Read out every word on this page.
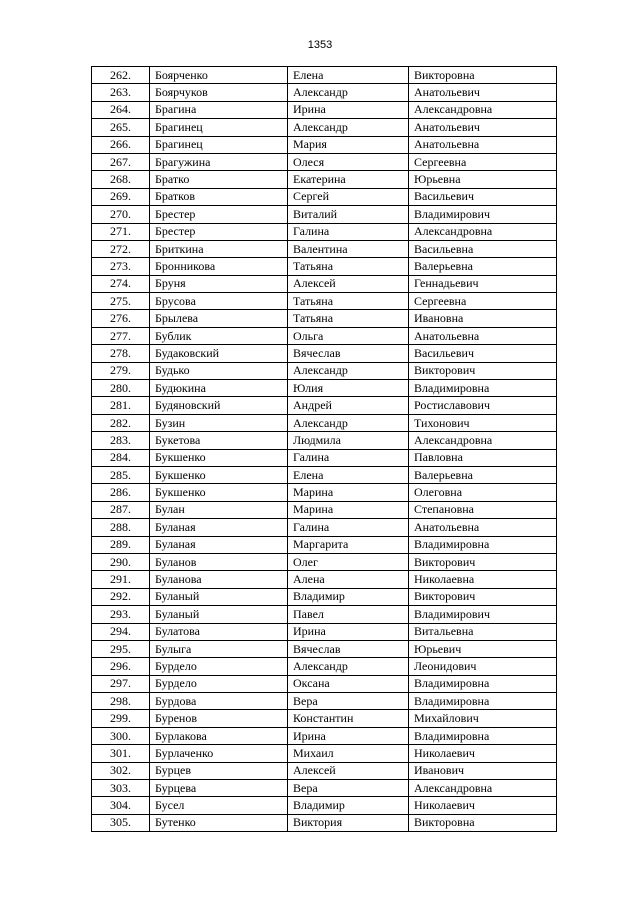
1353
262.	Боярченко	Елена	Викторовна
263.	Боярчуков	Александр	Анатольевич
264.	Брагина	Ирина	Александровна
265.	Брагинец	Александр	Анатольевич
266.	Брагинец	Мария	Анатольевна
267.	Брагужина	Олеся	Сергеевна
268.	Братко	Екатерина	Юрьевна
269.	Братков	Сергей	Васильевич
270.	Брестер	Виталий	Владимирович
271.	Брестер	Галина	Александровна
272.	Бриткина	Валентина	Васильевна
273.	Бронникова	Татьяна	Валерьевна
274.	Бруня	Алексей	Геннадьевич
275.	Брусова	Татьяна	Сергеевна
276.	Брылева	Татьяна	Ивановна
277.	Бублик	Ольга	Анатольевна
278.	Будаковский	Вячеслав	Васильевич
279.	Будько	Александр	Викторович
280.	Будюкина	Юлия	Владимировна
281.	Будяновский	Андрей	Ростиславович
282.	Бузин	Александр	Тихонович
283.	Букетова	Людмила	Александровна
284.	Букшенко	Галина	Павловна
285.	Букшенко	Елена	Валерьевна
286.	Букшенко	Марина	Олеговна
287.	Булан	Марина	Степановна
288.	Буланая	Галина	Анатольевна
289.	Буланая	Маргарита	Владимировна
290.	Буланов	Олег	Викторович
291.	Буланова	Алена	Николаевна
292.	Буланый	Владимир	Викторович
293.	Буланый	Павел	Владимирович
294.	Булатова	Ирина	Витальевна
295.	Булыга	Вячеслав	Юрьевич
296.	Бурдело	Александр	Леонидович
297.	Бурдело	Оксана	Владимировна
298.	Бурдова	Вера	Владимировна
299.	Буренов	Константин	Михайлович
300.	Бурлакова	Ирина	Владимировна
301.	Бурлаченко	Михаил	Николаевич
302.	Бурцев	Алексей	Иванович
303.	Бурцева	Вера	Александровна
304.	Бусел	Владимир	Николаевич
305.	Бутенко	Виктория	Викторовна
